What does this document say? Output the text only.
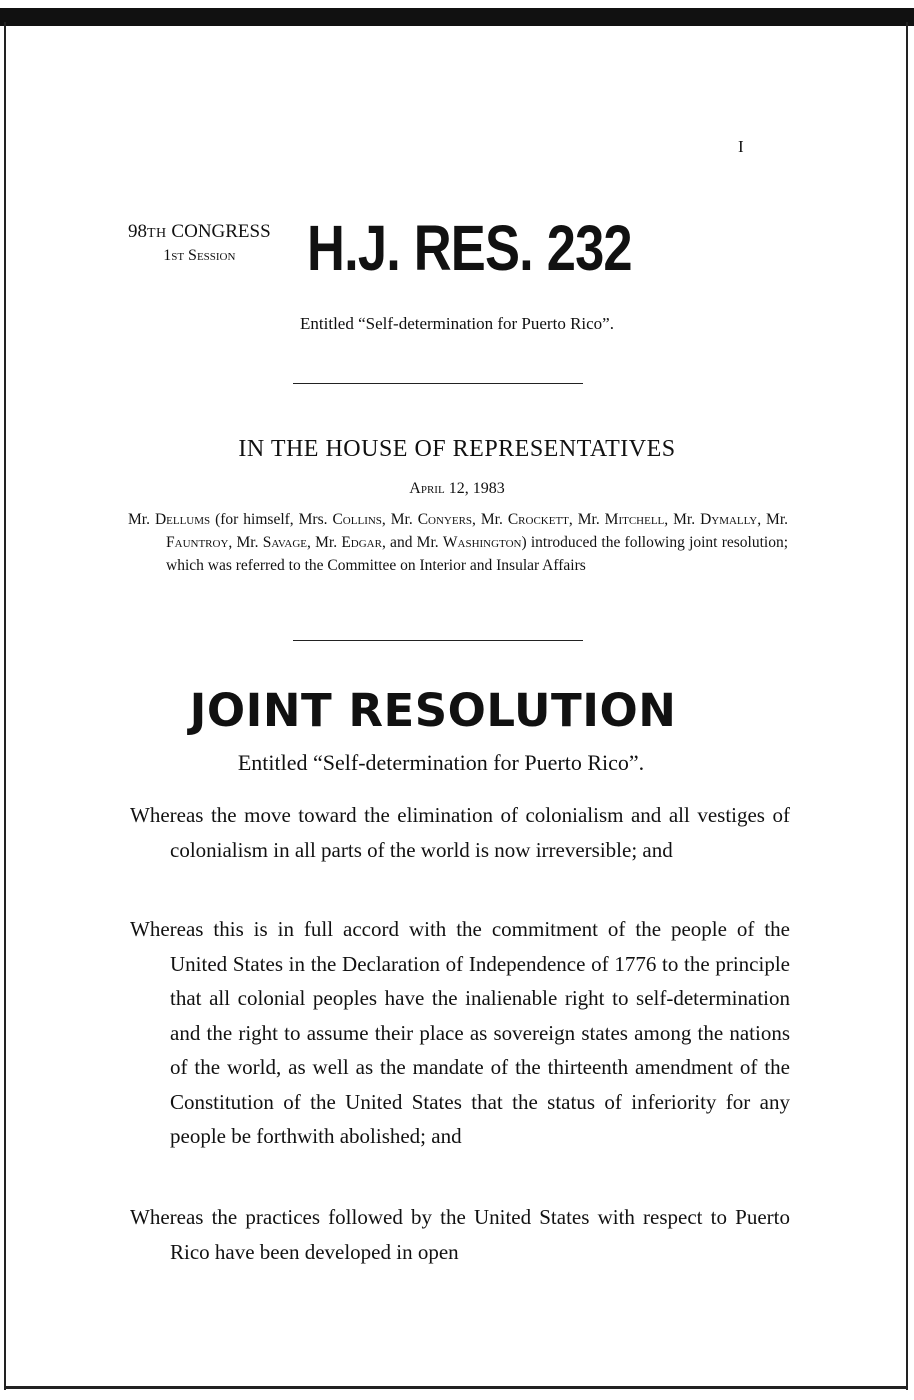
I
98TH CONGRESS
1st Session	H.J. RES. 232
Entitled “Self-determination for Puerto Rico”.
IN THE HOUSE OF REPRESENTATIVES
April 12, 1983
Mr. Dellums (for himself, Mrs. Collins, Mr. Conyers, Mr. Crockett, Mr. Mitchell, Mr. Dymally, Mr. Fauntroy, Mr. Savage, Mr. Edgar, and Mr. Washington) introduced the following joint resolution; which was referred to the Committee on Interior and Insular Affairs
JOINT RESOLUTION
Entitled “Self-determination for Puerto Rico”.

Whereas the move toward the elimination of colonialism and all vestiges of colonialism in all parts of the world is now irreversible; and

Whereas this is in full accord with the commitment of the people of the United States in the Declaration of Independence of 1776 to the principle that all colonial peoples have the inalienable right to self-determination and the right to assume their place as sovereign states among the nations of the world, as well as the mandate of the thirteenth amendment of the Constitution of the United States that the status of inferiority for any people be forthwith abolished; and

Whereas the practices followed by the United States with respect to Puerto Rico have been developed in open
